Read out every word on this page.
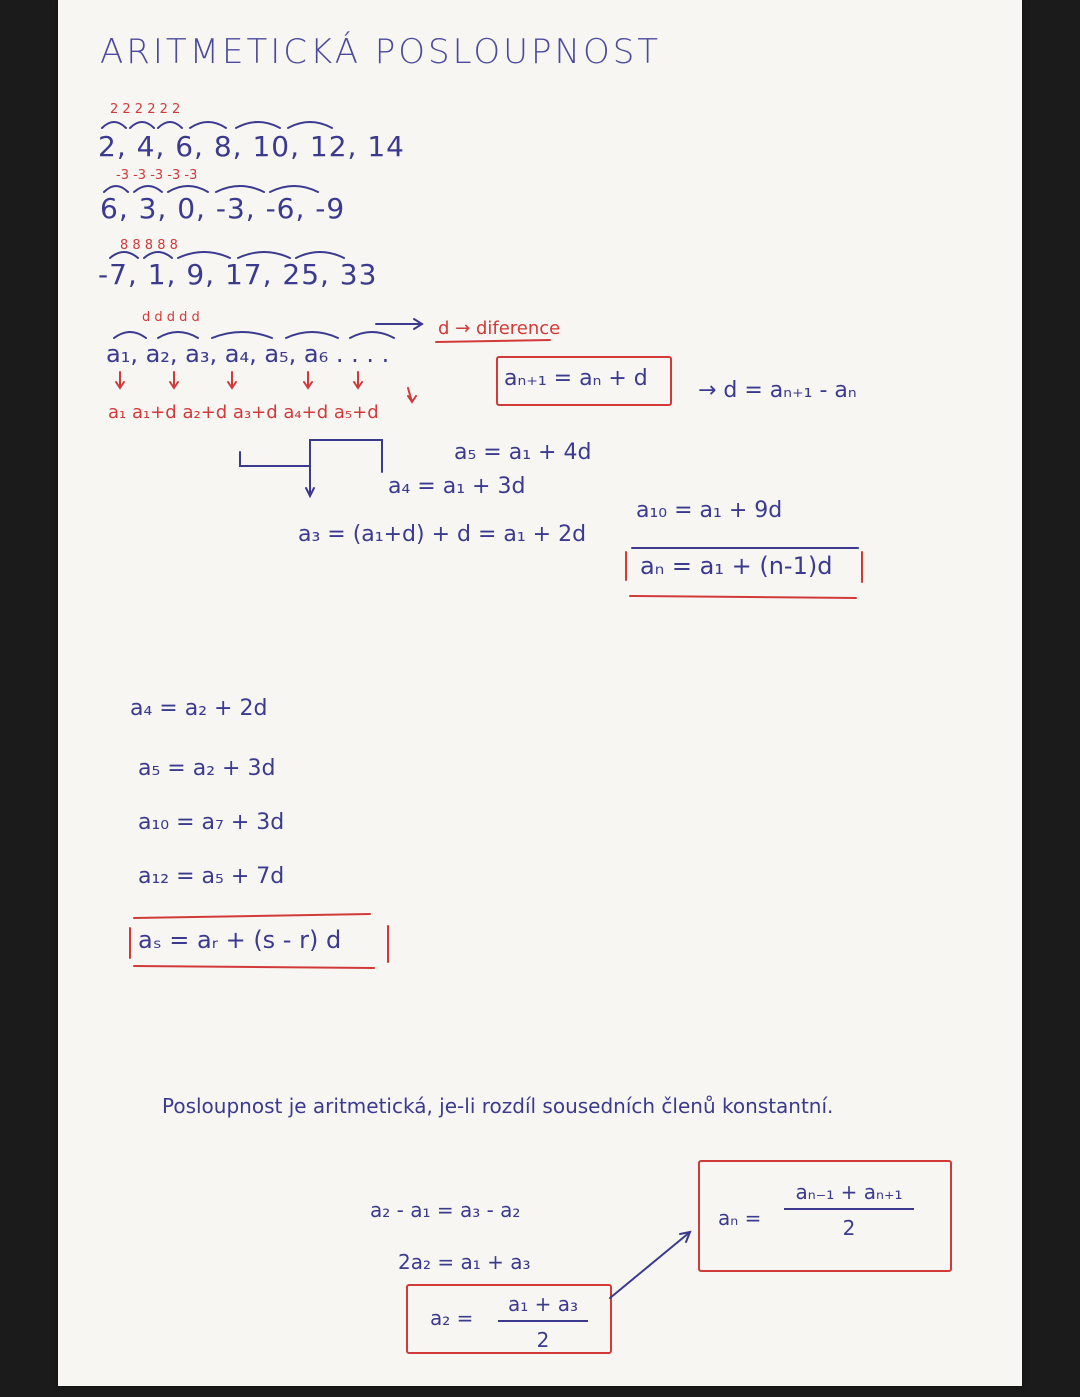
ARITMETICKÁ POSLOUPNOST
2 2 2 2 2 2
2, 4, 6, 8, 10, 12, 14
-3 -3 -3 -3 -3
6, 3, 0, -3, -6, -9
8 8 8 8 8
-7, 1, 9, 17, 25, 33
d d d d d
d → diference
a₁, a₂, a₃, a₄, a₅, a₆ . . . .
aₙ₊₁ = aₙ + d → d = aₙ₊₁ - aₙ
a₁ a₁+d a₂+d a₃+d a₄+d a₅+d
a₅ = a₁ + 4d
a₄ = a₁ + 3d
a₃ = (a₁+d) + d = a₁ + 2d
a₁₀ = a₁ + 9d
aₙ = a₁ + (n-1)d
a₄ = a₂ + 2d
a₅ = a₂ + 3d
a₁₀ = a₇ + 3d
a₁₂ = a₅ + 7d
aₛ = aᵣ + (s - r) d
Posloupnost je aritmetická, je-li rozdíl sousedních členů konstantní.
a₂ - a₁ = a₃ - a₂
2a₂ = a₁ + a₃
$a_2 = \frac{\text{a₁ + a₃}}{2}$
$a_n = \frac{\text{aₙ₋₁ + aₙ₊₁}}{2}$
